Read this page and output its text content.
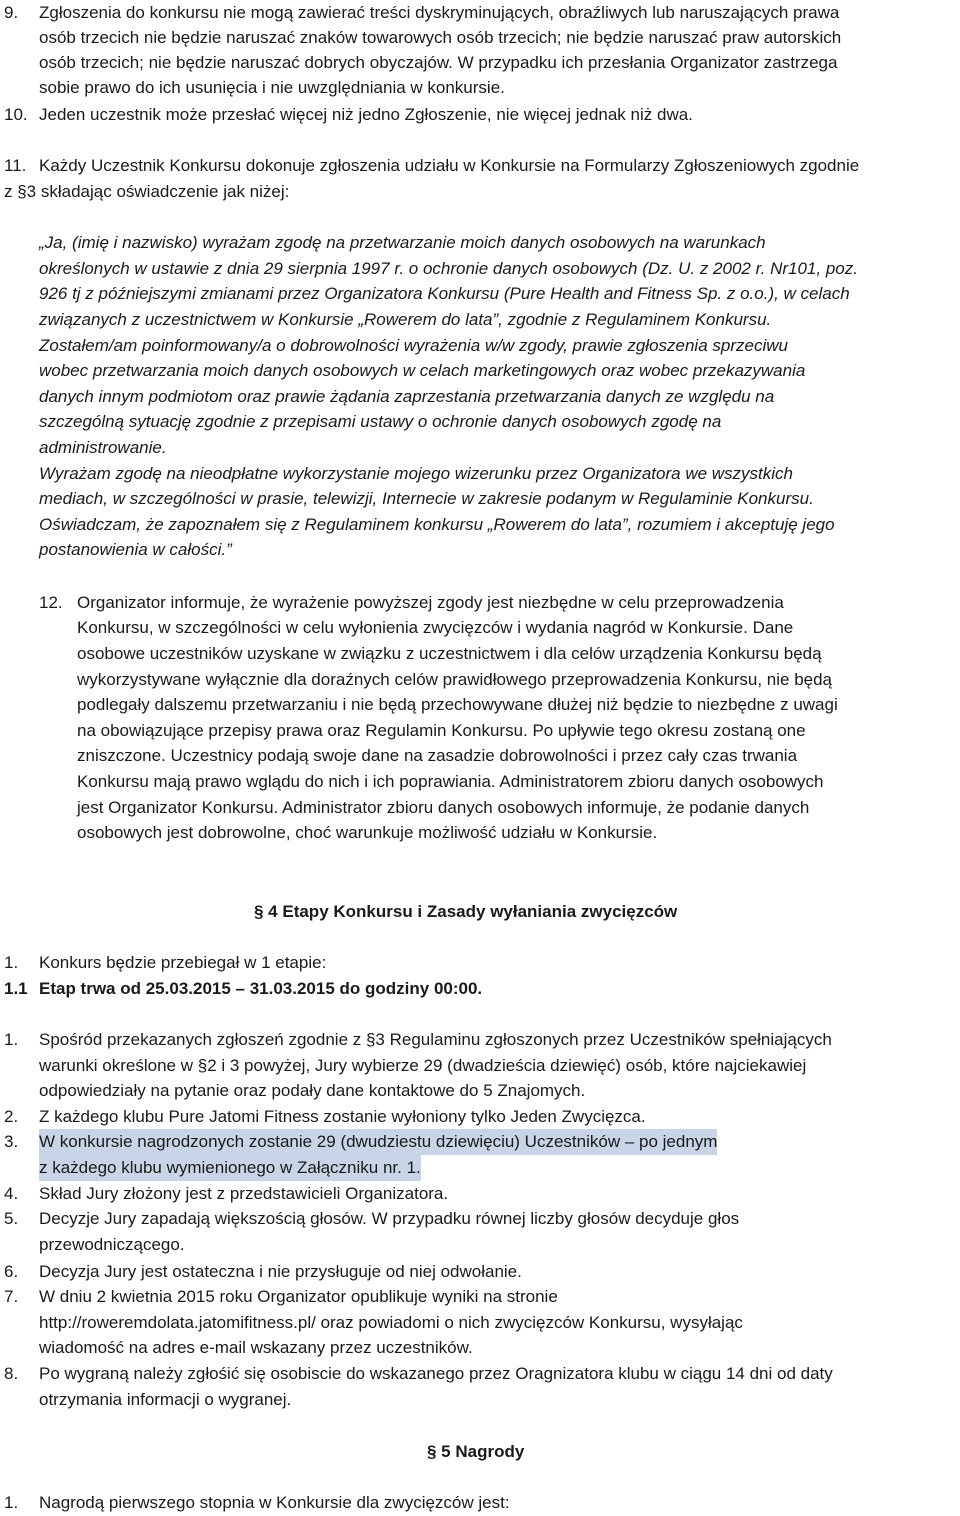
9. Zgłoszenia do konkursu nie mogą zawierać treści dyskryminujących, obraźliwych lub naruszających prawa
osób trzecich nie będzie naruszać znaków towarowych osób trzecich; nie będzie naruszać praw autorskich
osób trzecich; nie będzie naruszać dobrych obyczajów. W przypadku ich przesłania Organizator zastrzega
sobie prawo do ich usunięcia i nie uwzględniania w konkursie.
10. Jeden uczestnik może przesłać więcej niż jedno Zgłoszenie, nie więcej jednak niż dwa.
11. Każdy Uczestnik Konkursu dokonuje zgłoszenia udziału w Konkursie na Formularzy Zgłoszeniowych zgodnie
z §3 składając oświadczenie jak niżej:
„Ja, (imię i nazwisko) wyrażam zgodę na przetwarzanie moich danych osobowych na warunkach
określonych w ustawie z dnia 29 sierpnia 1997 r. o ochronie danych osobowych (Dz. U. z 2002 r. Nr101, poz.
926 tj z późniejszymi zmianami przez Organizatora Konkursu (Pure Health and Fitness Sp. z o.o.), w celach
związanych z uczestnictwem w Konkursie „Rowerem do lata”, zgodnie z Regulaminem Konkursu.
Zostałem/am poinformowany/a o dobrowolności wyrażenia w/w zgody, prawie zgłoszenia sprzeciwu
wobec przetwarzania moich danych osobowych w celach marketingowych oraz wobec przekazywania
danych innym podmiotom oraz prawie żądania zaprzestania przetwarzania danych ze względu na
szczególną sytuację zgodnie z przepisami ustawy o ochronie danych osobowych zgodę na
administrowanie.
Wyrażam zgodę na nieodpłatne wykorzystanie mojego wizerunku przez Organizatora we wszystkich
mediach, w szczególności w prasie, telewizji, Internecie w zakresie podanym w Regulaminie Konkursu.
Oświadczam, że zapoznałem się z Regulaminem konkursu „Rowerem do lata”, rozumiem i akceptuję jego
postanowienia w całości.”
12. Organizator informuje, że wyrażenie powyższej zgody jest niezbędne w celu przeprowadzenia
Konkursu, w szczególności w celu wyłonienia zwycięzców i wydania nagród w Konkursie. Dane
osobowe uczestników uzyskane w związku z uczestnictwem i dla celów urządzenia Konkursu będą
wykorzystywane wyłącznie dla doraźnych celów prawidłowego przeprowadzenia Konkursu, nie będą
podlegały dalszemu przetwarzaniu i nie będą przechowywane dłużej niż będzie to niezbędne z uwagi
na obowiązujące przepisy prawa oraz Regulamin Konkursu. Po upływie tego okresu zostaną one
zniszczone. Uczestnicy podają swoje dane na zasadzie dobrowolności i przez cały czas trwania
Konkursu mają prawo wglądu do nich i ich poprawiania. Administratorem zbioru danych osobowych
jest Organizator Konkursu. Administrator zbioru danych osobowych informuje, że podanie danych
osobowych jest dobrowolne, choć warunkuje możliwość udziału w Konkursie.
§ 4 Etapy Konkursu i Zasady wyłaniania zwycięzców
1. Konkurs będzie przebiegał w 1 etapie:
1.1 Etap trwa od 25.03.2015 – 31.03.2015 do godziny 00:00.
1. Spośród przekazanych zgłoszeń zgodnie z §3 Regulaminu zgłoszonych przez Uczestników spełniających
warunki określone w §2 i 3 powyżej, Jury wybierze 29 (dwadzieścia dziewięć) osób, które najciekawiej
odpowiedziały na pytanie oraz podały dane kontaktowe do 5 Znajomych.
2. Z każdego klubu Pure Jatomi Fitness zostanie wyłoniony tylko Jeden Zwycięzca.
3. W konkursie nagrodzonych zostanie 29 (dwudziestu dziewięciu) Uczestników – po jednym
z każdego klubu wymienionego w Załączniku nr. 1.
4. Skład Jury złożony jest z przedstawicieli Organizatora.
5. Decyzje Jury zapadają większością głosów. W przypadku równej liczby głosów decyduje głos
przewodniczącego.
6. Decyzja Jury jest ostateczna i nie przysługuje od niej odwołanie.
7. W dniu 2 kwietnia 2015 roku Organizator opublikuje wyniki na stronie
http://roweremdolata.jatomifitness.pl/ oraz powiadomi o nich zwycięzców Konkursu, wysyłając
wiadomość na adres e-mail wskazany przez uczestników.
8. Po wygraną należy zgłośić się osobiscie do wskazanego przez Oragnizatora klubu w ciągu 14 dni od daty
otrzymania informacji o wygranej.
§ 5 Nagrody
1. Nagrodą pierwszego stopnia w Konkursie dla zwycięzców jest:
